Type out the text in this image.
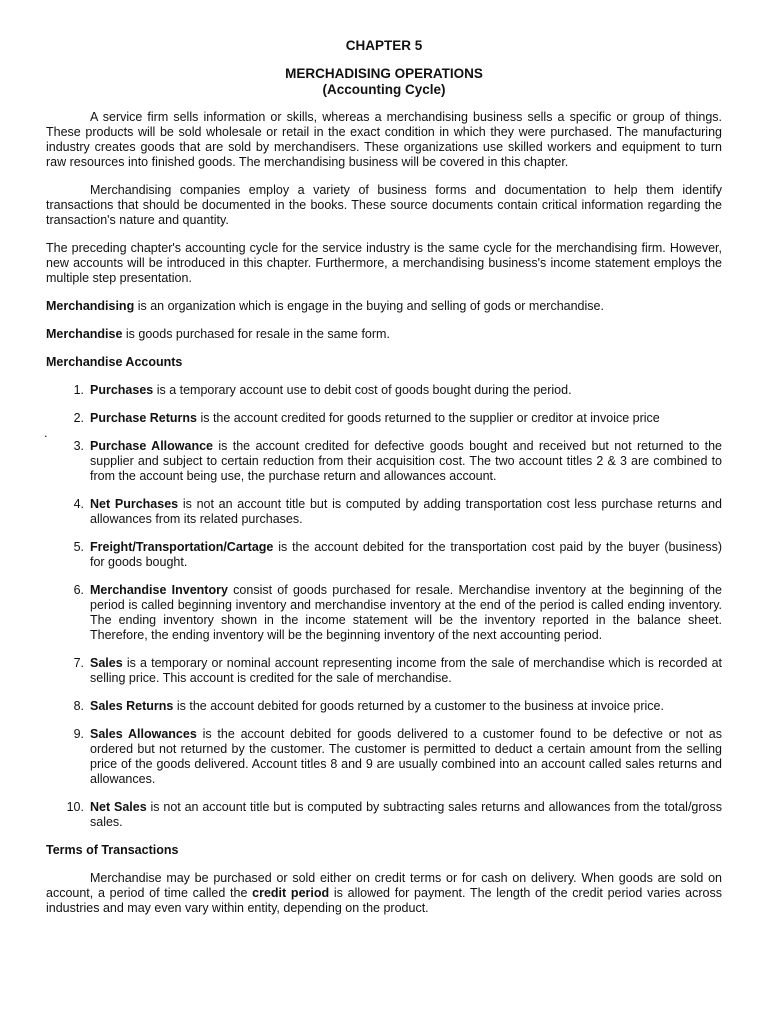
CHAPTER 5
MERCHADISING OPERATIONS
(Accounting Cycle)

A service firm sells information or skills, whereas a merchandising business sells a specific or group of things. These products will be sold wholesale or retail in the exact condition in which they were purchased. The manufacturing industry creates goods that are sold by merchandisers. These organizations use skilled workers and equipment to turn raw resources into finished goods. The merchandising business will be covered in this chapter.

Merchandising companies employ a variety of business forms and documentation to help them identify transactions that should be documented in the books. These source documents contain critical information regarding the transaction's nature and quantity.

The preceding chapter's accounting cycle for the service industry is the same cycle for the merchandising firm. However, new accounts will be introduced in this chapter. Furthermore, a merchandising business's income statement employs the multiple step presentation.

Merchandising is an organization which is engage in the buying and selling of gods or merchandise.

Merchandise is goods purchased for resale in the same form.

Merchandise Accounts
1. Purchases is a temporary account use to debit cost of goods bought during the period.
2. Purchase Returns is the account credited for goods returned to the supplier or creditor at invoice price
.
3. Purchase Allowance is the account credited for defective goods bought and received but not returned to the supplier and subject to certain reduction from their acquisition cost. The two account titles 2 & 3 are combined to from the account being use, the purchase return and allowances account.
4. Net Purchases is not an account title but is computed by adding transportation cost less purchase returns and allowances from its related purchases.
5. Freight/Transportation/Cartage is the account debited for the transportation cost paid by the buyer (business) for goods bought.
6. Merchandise Inventory consist of goods purchased for resale. Merchandise inventory at the beginning of the period is called beginning inventory and merchandise inventory at the end of the period is called ending inventory. The ending inventory shown in the income statement will be the inventory reported in the balance sheet. Therefore, the ending inventory will be the beginning inventory of the next accounting period.
7. Sales is a temporary or nominal account representing income from the sale of merchandise which is recorded at selling price. This account is credited for the sale of merchandise.
8. Sales Returns is the account debited for goods returned by a customer to the business at invoice price.
9. Sales Allowances is the account debited for goods delivered to a customer found to be defective or not as ordered but not returned by the customer. The customer is permitted to deduct a certain amount from the selling price of the goods delivered. Account titles 8 and 9 are usually combined into an account called sales returns and allowances.
10. Net Sales is not an account title but is computed by subtracting sales returns and allowances from the total/gross sales.
Terms of Transactions

Merchandise may be purchased or sold either on credit terms or for cash on delivery. When goods are sold on account, a period of time called the credit period is allowed for payment. The length of the credit period varies across industries and may even vary within entity, depending on the product.
